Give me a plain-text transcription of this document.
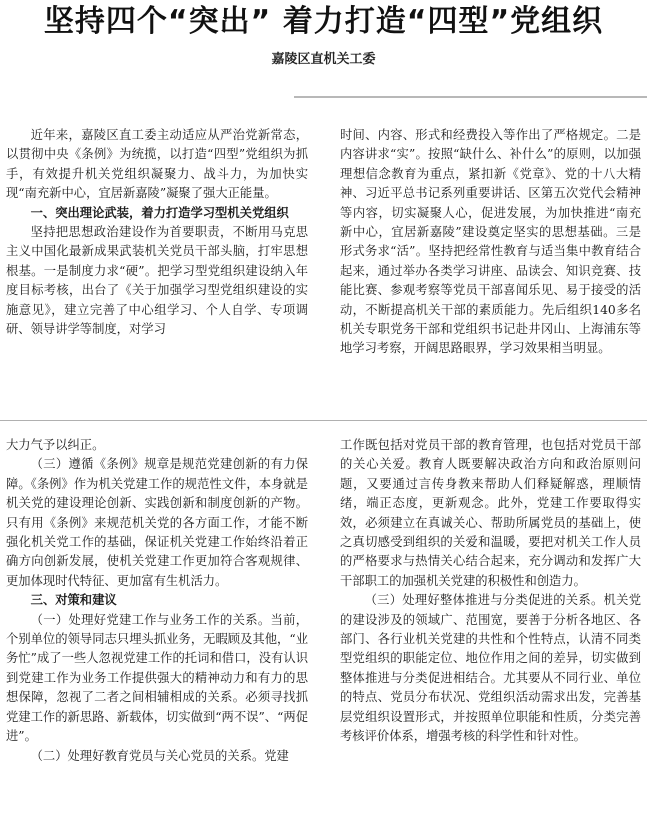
坚持四个“突出” 着力打造“四型”党组织
嘉陵区直机关工委

近年来，嘉陵区直工委主动适应从严治党新常态，以贯彻中央《条例》为统揽，以打造“四型”党组织为抓手，有效提升机关党组织凝聚力、战斗力，为加快实现“南充新中心，宜居新嘉陵”凝聚了强大正能量。

一、突出理论武装，着力打造学习型机关党组织

坚持把思想政治建设作为首要职责，不断用马克思主义中国化最新成果武装机关党员干部头脑，打牢思想根基。一是制度力求“硬”。把学习型党组织建设纳入年度目标考核，出台了《关于加强学习型党组织建设的实施意见》，建立完善了中心组学习、个人自学、专项调研、领导讲学等制度，对学习

时间、内容、形式和经费投入等作出了严格规定。二是内容讲求“实”。按照“缺什么、补什么”的原则，以加强理想信念教育为重点，紧扣新《党章》、党的十八大精神、习近平总书记系列重要讲话、区第五次党代会精神等内容，切实凝聚人心，促进发展，为加快推进“南充新中心，宜居新嘉陵”建设奠定坚实的思想基础。三是形式务求“活”。坚持把经常性教育与适当集中教育结合起来，通过举办各类学习讲座、品读会、知识竞赛、技能比赛、参观考察等党员干部喜闻乐见、易于接受的活动，不断提高机关干部的素质能力。先后组织140多名机关专职党务干部和党组织书记赴井冈山、上海浦东等地学习考察，开阔思路眼界，学习效果相当明显。

大力气予以纠正。

（三）遵循《条例》规章是规范党建创新的有力保障。《条例》作为机关党建工作的规范性文件，本身就是机关党的建设理论创新、实践创新和制度创新的产物。只有用《条例》来规范机关党的各方面工作，才能不断强化机关党工作的基础，保证机关党建工作始终沿着正确方向创新发展，使机关党建工作更加符合客观规律、更加体现时代特征、更加富有生机活力。

三、对策和建议

（一）处理好党建工作与业务工作的关系。当前，个别单位的领导同志只埋头抓业务，无暇顾及其他，“业务忙”成了一些人忽视党建工作的托词和借口，没有认识到党建工作为业务工作提供强大的精神动力和有力的思想保障，忽视了二者之间相辅相成的关系。必须寻找抓党建工作的新思路、新载体，切实做到“两不误”、“两促进”。

（二）处理好教育党员与关心党员的关系。党建

工作既包括对党员干部的教育管理，也包括对党员干部的关心关爱。教育人既要解决政治方向和政治原则问题，又要通过言传身教来帮助人们释疑解惑，理顺情绪，端正态度，更新观念。此外，党建工作要取得实效，必须建立在真诚关心、帮助所属党员的基础上，使之真切感受到组织的关爱和温暖，要把对机关工作人员的严格要求与热情关心结合起来，充分调动和发挥广大干部职工的加强机关党建的积极性和创造力。

（三）处理好整体推进与分类促进的关系。机关党的建设涉及的领域广、范围宽，要善于分析各地区、各部门、各行业机关党建的共性和个性特点，认清不同类型党组织的职能定位、地位作用之间的差异，切实做到整体推进与分类促进相结合。尤其要从不同行业、单位的特点、党员分布状况、党组织活动需求出发，完善基层党组织设置形式，并按照单位职能和性质，分类完善考核评价体系，增强考核的科学性和针对性。
